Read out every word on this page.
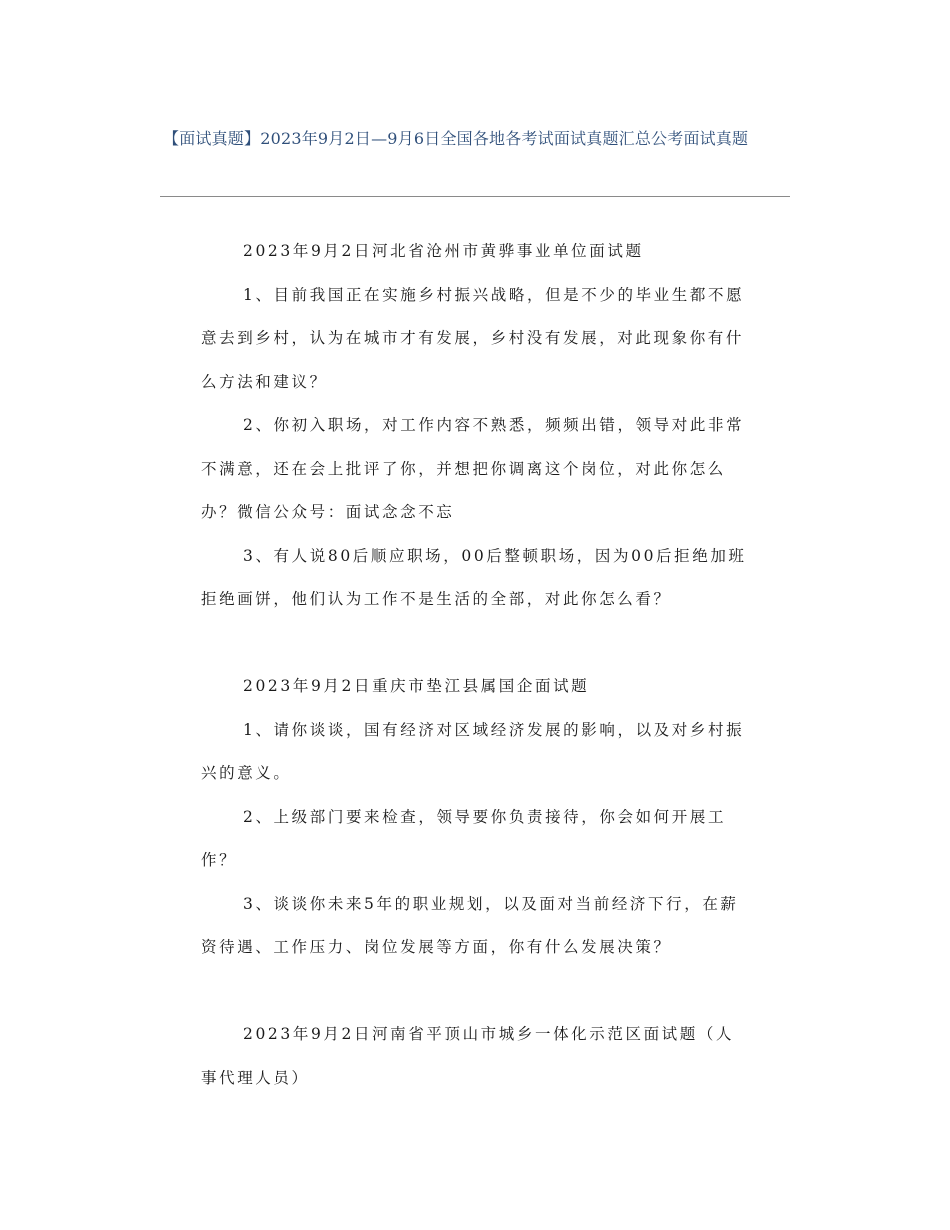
【面试真题】2023年9月2日—9月6日全国各地各考试面试真题汇总公考面试真题

2023年9月2日河北省沧州市黄骅事业单位面试题

1、目前我国正在实施乡村振兴战略，但是不少的毕业生都不愿意去到乡村，认为在城市才有发展，乡村没有发展，对此现象你有什么方法和建议？

2、你初入职场，对工作内容不熟悉，频频出错，领导对此非常不满意，还在会上批评了你，并想把你调离这个岗位，对此你怎么办？微信公众号：面试念念不忘

3、有人说80后顺应职场，00后整顿职场，因为00后拒绝加班拒绝画饼，他们认为工作不是生活的全部，对此你怎么看？

2023年9月2日重庆市垫江县属国企面试题

1、请你谈谈，国有经济对区域经济发展的影响，以及对乡村振兴的意义。

2、上级部门要来检查，领导要你负责接待，你会如何开展工作？

3、谈谈你未来5年的职业规划，以及面对当前经济下行，在薪资待遇、工作压力、岗位发展等方面，你有什么发展决策？

2023年9月2日河南省平顶山市城乡一体化示范区面试题（人事代理人员）
